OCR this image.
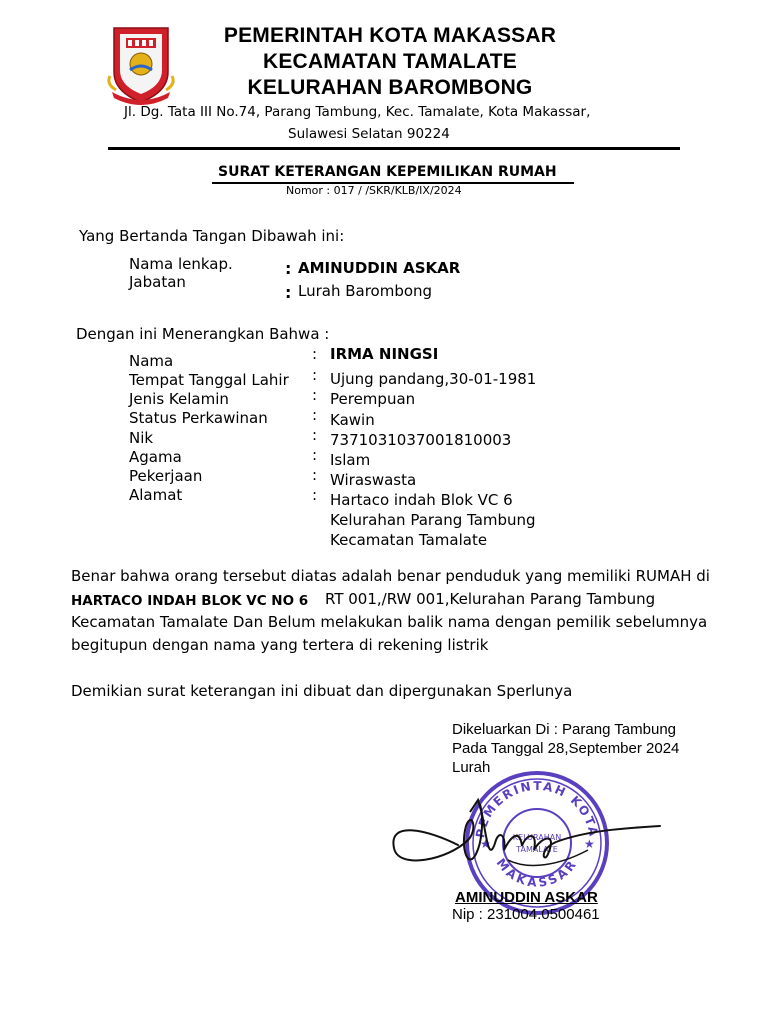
PEMERINTAH KOTA MAKASSAR
KECAMATAN TAMALATE
KELURAHAN BAROMBONG
Jl. Dg. Tata III No.74, Parang Tambung, Kec. Tamalate, Kota Makassar,
Sulawesi Selatan 90224
SURAT KETERANGAN KEPEMILIKAN RUMAH
Nomor : 017 / /SKR/KLB/IX/2024
Yang Bertanda Tangan Dibawah ini:
Nama lenkap.
Jabatan
: AMINUDDIN ASKAR
: Lurah Barombong
Dengan ini Menerangkan Bahwa :
Nama
Tempat Tanggal Lahir
Jenis Kelamin
Status Perkawinan
Nik
Agama
Pekerjaan
Alamat
:
:
:
:
:
:
:
:
IRMA NINGSI
Ujung pandang,30-01-1981
Perempuan
Kawin
7371031037001810003
Islam
Wiraswasta
Hartaco indah Blok VC 6
Kelurahan Parang Tambung
Kecamatan Tamalate
Benar bahwa orang tersebut diatas adalah benar penduduk yang memiliki RUMAH di
HARTACO INDAH BLOK VC NO 6 RT 001,/RW 001,Kelurahan Parang Tambung
Kecamatan Tamalate Dan Belum melakukan balik nama dengan pemilik sebelumnya
begitupun dengan nama yang tertera di rekening listrik
Demikian surat keterangan ini dibuat dan dipergunakan Sperlunya
Dikeluarkan Di : Parang Tambung
Pada Tanggal 28,September 2024
Lurah
PEMERINTAH KOTA
MAKASSAR
KELURAHAN
TAMALATE
★	★
AMINUDDIN ASKAR
Nip : 231004.0500461
